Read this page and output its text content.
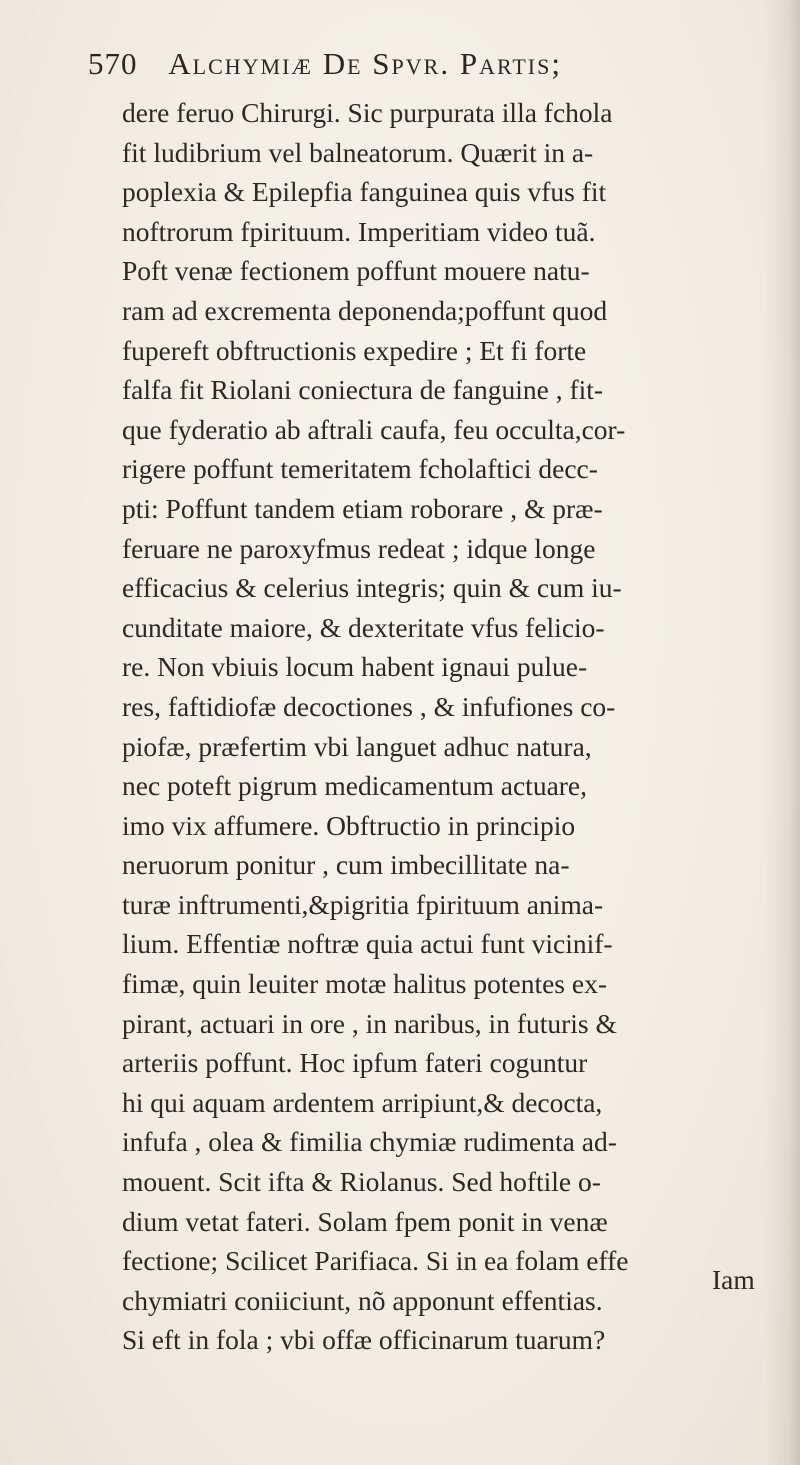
570 Alchymiæ De Spvr. Partis;
dere feruo Chirurgi. Sic purpurata illa fchola
fit ludibrium vel balneatorum. Quærit in a-
poplexia & Epilepfia fanguinea quis vfus fit
noftrorum fpirituum. Imperitiam video tuã.
Poft venæ fectionem poffunt mouere natu-
ram ad excrementa deponenda;poffunt quod
fupereft obftructionis expedire ; Et fi forte
falfa fit Riolani coniectura de fanguine , fit-
que fyderatio ab aftrali caufa, feu occulta,cor-
rigere poffunt temeritatem fcholaftici decc-
pti: Poffunt tandem etiam roborare , & præ-
feruare ne paroxyfmus redeat ; idque longe
efficacius & celerius integris; quin & cum iu-
cunditate maiore, & dexteritate vfus felicio-
re. Non vbiuis locum habent ignaui pulue-
res, faftidiofæ decoctiones , & infufiones co-
piofæ, præfertim vbi languet adhuc natura,
nec poteft pigrum medicamentum actuare,
imo vix affumere. Obftructio in principio
neruorum ponitur , cum imbecillitate na-
turæ inftrumenti,&pigritia fpirituum anima-
lium. Effentiæ noftræ quia actui funt vicinif-
fimæ, quin leuiter motæ halitus potentes ex-
pirant, actuari in ore , in naribus, in futuris &
arteriis poffunt. Hoc ipfum fateri coguntur
hi qui aquam ardentem arripiunt,& decocta,
infufa , olea & fimilia chymiæ rudimenta ad-
mouent. Scit ifta & Riolanus. Sed hoftile o-
dium vetat fateri. Solam fpem ponit in venæ
fectione; Scilicet Parifiaca. Si in ea folam effe
chymiatri coniiciunt, nõ apponunt effentias.
Si eft in fola ; vbi offæ officinarum tuarum?
Iam
